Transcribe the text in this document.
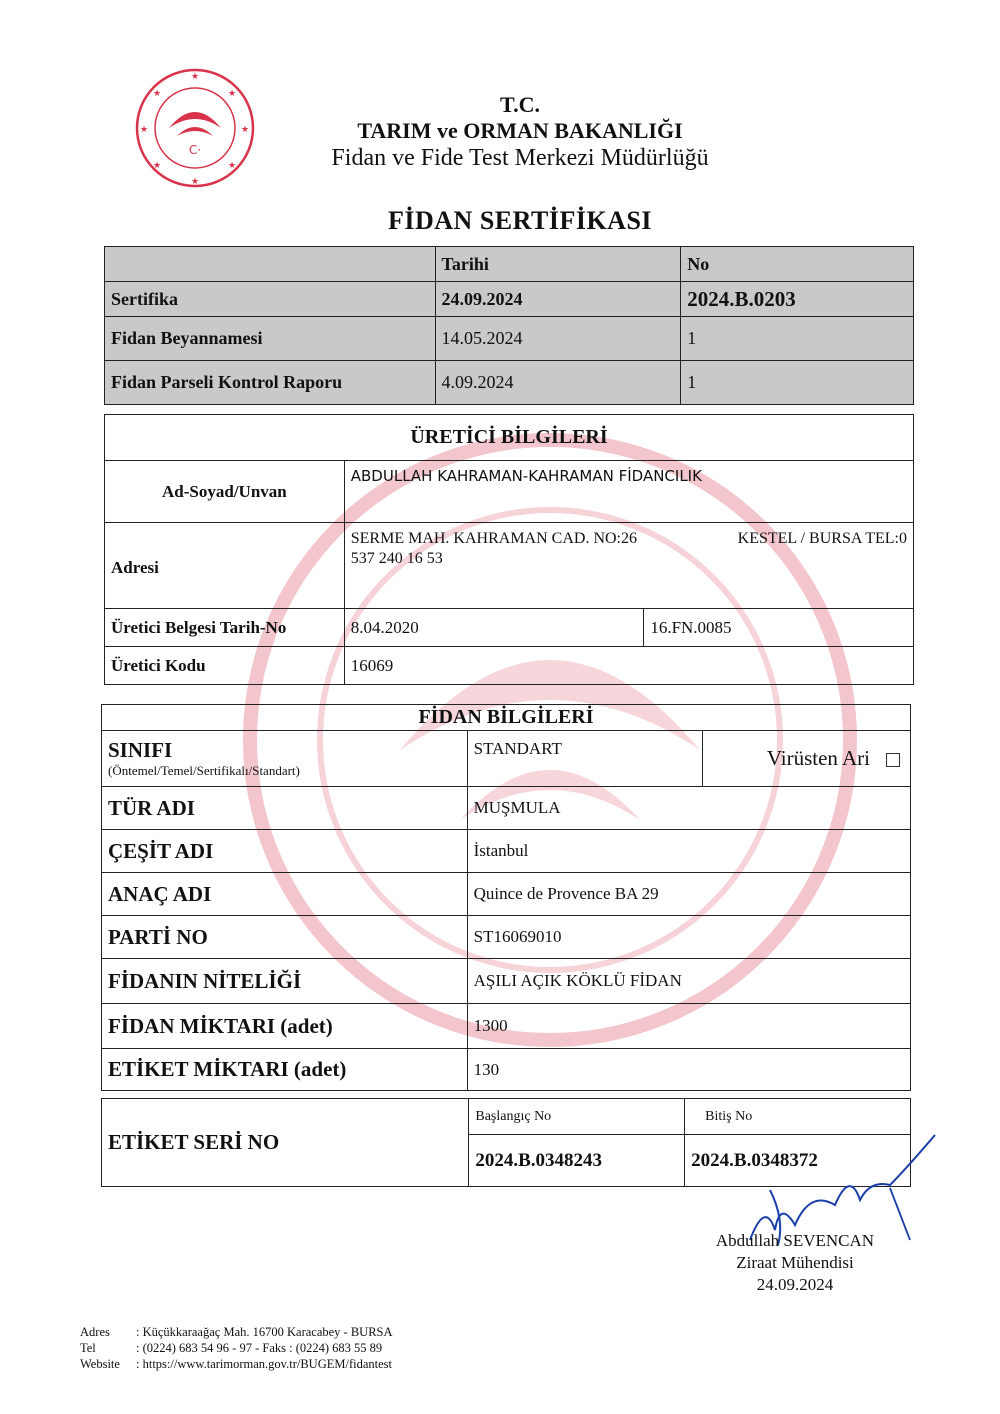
C·
★
★
★
★
★
★
★
★	T.C.
TARIM ve ORMAN BAKANLIĞI
Fidan ve Fide Test Merkezi Müdürlüğü
FİDAN SERTİFİKASI
	Tarihi	No
Sertifika	24.09.2024	2024.B.0203
Fidan Beyannamesi	14.05.2024	1
Fidan Parseli Kontrol Raporu	4.09.2024	1
ÜRETİCİ BİLGİLERİ		
Ad-Soyad/Unvan	ABDULLAH KAHRAMAN-KAHRAMAN FİDANCILIK	
Adresi	SERME MAH. KAHRAMAN CAD. NO:26 KESTEL / BURSA TEL:0

537 240 16 53	
Üretici Belgesi Tarih-No	8.04.2020	16.FN.0085
Üretici Kodu	16069	
FİDAN BİLGİLERİ		

SINIFI
(Öntemel/Temel/Sertifikalı/Standart)	STANDART	Virüsten Ari
TÜR ADI	MUŞMULA	
ÇEŞİT ADI	İstanbul	
ANAÇ ADI	Quince de Provence BA 29	
PARTİ NO	ST16069010	
FİDANIN NİTELİĞİ	AŞILI AÇIK KÖKLÜ FİDAN	
FİDAN MİKTARI (adet)	1300	
ETİKET MİKTARI (adet)	130	
ETİKET SERİ NO	Başlangıç No	Bitiş No
	2024.B.0348243	2024.B.0348372
Abdullah SEVENCAN
Ziraat Mühendisi
24.09.2024
Adres : Küçükkaraağaç Mah. 16700 Karacabey - BURSA
Tel	: (0224) 683 54 96 - 97 - Faks : (0224) 683 55 89
Website : https://www.tarimorman.gov.tr/BUGEM/fidantest
